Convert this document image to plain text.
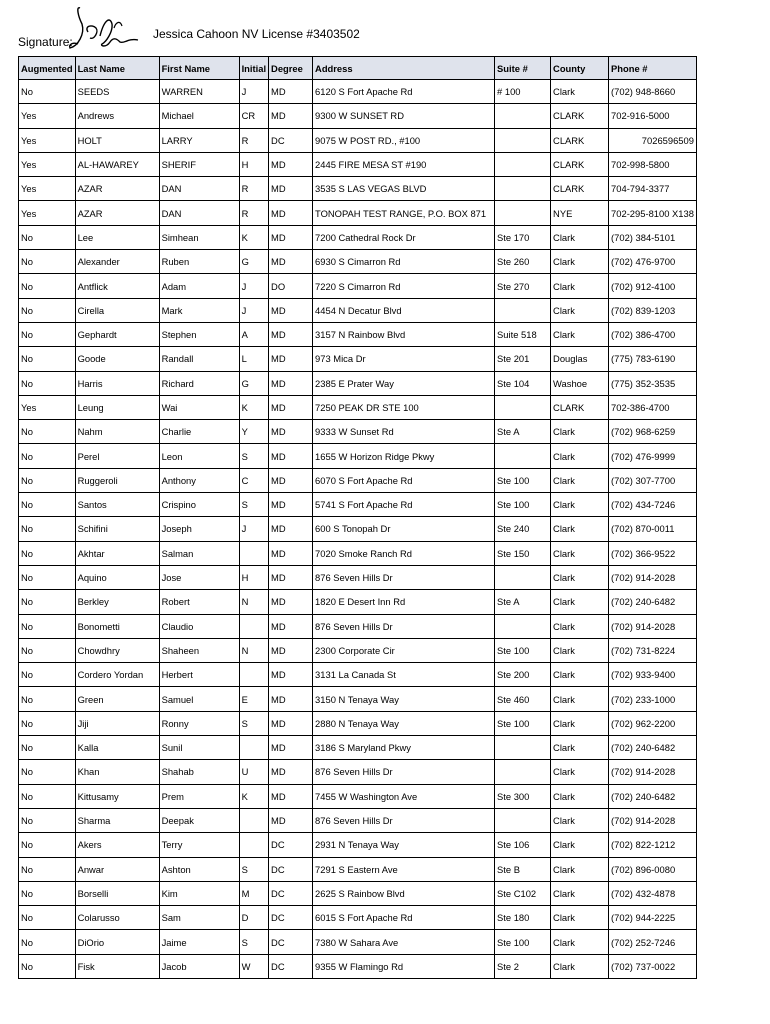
Signature:
Jessica Cahoon NV License #3403502
Augmented	Last Name	First Name	Initial	Degree	Address	Suite #	County	Phone #
No	SEEDS	WARREN	J	MD	6120 S Fort Apache Rd	# 100	Clark	(702) 948-8660
Yes	Andrews	Michael	CR	MD	9300 W SUNSET RD		CLARK	702-916-5000
Yes	HOLT	LARRY	R	DC	9075 W POST RD., #100		CLARK	7026596509
Yes	AL-HAWAREY	SHERIF	H	MD	2445 FIRE MESA ST #190		CLARK	702-998-5800
Yes	AZAR	DAN	R	MD	3535 S LAS VEGAS BLVD		CLARK	704-794-3377
Yes	AZAR	DAN	R	MD	TONOPAH TEST RANGE, P.O. BOX 871		NYE	702-295-8100 X138
No	Lee	Simhean	K	MD	7200 Cathedral Rock Dr	Ste 170	Clark	(702) 384-5101
No	Alexander	Ruben	G	MD	6930 S Cimarron Rd	Ste 260	Clark	(702) 476-9700
No	Antflick	Adam	J	DO	7220 S Cimarron Rd	Ste 270	Clark	(702) 912-4100
No	Cirella	Mark	J	MD	4454 N Decatur Blvd		Clark	(702) 839-1203
No	Gephardt	Stephen	A	MD	3157 N Rainbow Blvd	Suite 518	Clark	(702) 386-4700
No	Goode	Randall	L	MD	973 Mica Dr	Ste 201	Douglas	(775) 783-6190
No	Harris	Richard	G	MD	2385 E Prater Way	Ste 104	Washoe	(775) 352-3535
Yes	Leung	Wai	K	MD	7250 PEAK DR STE 100		CLARK	702-386-4700
No	Nahm	Charlie	Y	MD	9333 W Sunset Rd	Ste A	Clark	(702) 968-6259
No	Perel	Leon	S	MD	1655 W Horizon Ridge Pkwy		Clark	(702) 476-9999
No	Ruggeroli	Anthony	C	MD	6070 S Fort Apache Rd	Ste 100	Clark	(702) 307-7700
No	Santos	Crispino	S	MD	5741 S Fort Apache Rd	Ste 100	Clark	(702) 434-7246
No	Schifini	Joseph	J	MD	600 S Tonopah Dr	Ste 240	Clark	(702) 870-0011
No	Akhtar	Salman		MD	7020 Smoke Ranch Rd	Ste 150	Clark	(702) 366-9522
No	Aquino	Jose	H	MD	876 Seven Hills Dr		Clark	(702) 914-2028
No	Berkley	Robert	N	MD	1820 E Desert Inn Rd	Ste A	Clark	(702) 240-6482
No	Bonometti	Claudio		MD	876 Seven Hills Dr		Clark	(702) 914-2028
No	Chowdhry	Shaheen	N	MD	2300 Corporate Cir	Ste 100	Clark	(702) 731-8224
No	Cordero Yordan	Herbert		MD	3131 La Canada St	Ste 200	Clark	(702) 933-9400
No	Green	Samuel	E	MD	3150 N Tenaya Way	Ste 460	Clark	(702) 233-1000
No	Jiji	Ronny	S	MD	2880 N Tenaya Way	Ste 100	Clark	(702) 962-2200
No	Kalla	Sunil		MD	3186 S Maryland Pkwy		Clark	(702) 240-6482
No	Khan	Shahab	U	MD	876 Seven Hills Dr		Clark	(702) 914-2028
No	Kittusamy	Prem	K	MD	7455 W Washington Ave	Ste 300	Clark	(702) 240-6482
No	Sharma	Deepak		MD	876 Seven Hills Dr		Clark	(702) 914-2028
No	Akers	Terry		DC	2931 N Tenaya Way	Ste 106	Clark	(702) 822-1212
No	Anwar	Ashton	S	DC	7291 S Eastern Ave	Ste B	Clark	(702) 896-0080
No	Borselli	Kim	M	DC	2625 S Rainbow Blvd	Ste C102	Clark	(702) 432-4878
No	Colarusso	Sam	D	DC	6015 S Fort Apache Rd	Ste 180	Clark	(702) 944-2225
No	DiOrio	Jaime	S	DC	7380 W Sahara Ave	Ste 100	Clark	(702) 252-7246
No	Fisk	Jacob	W	DC	9355 W Flamingo Rd	Ste 2	Clark	(702) 737-0022
